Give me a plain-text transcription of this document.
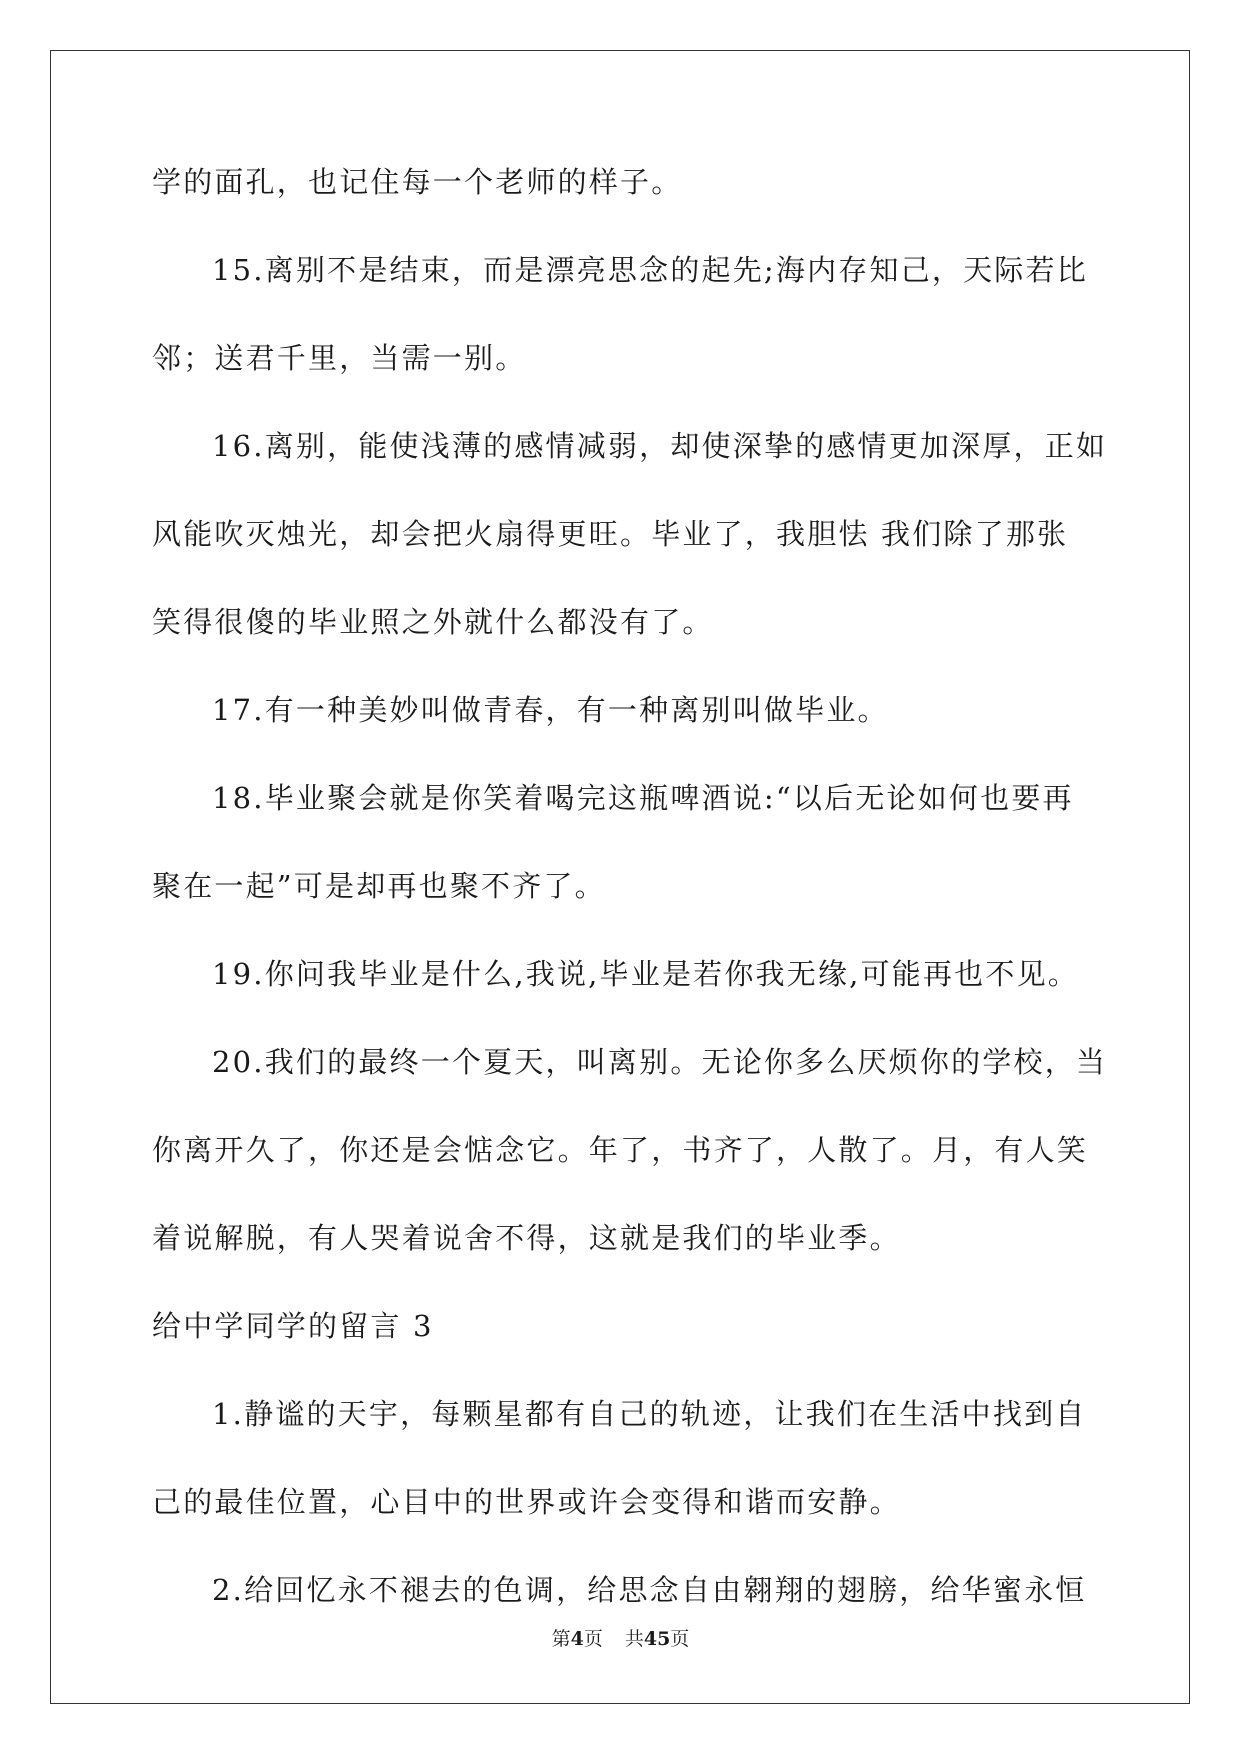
学的面孔，也记住每一个老师的样子。
15.离别不是结束，而是漂亮思念的起先;海内存知己，天际若比
邻；送君千里，当需一别。
16.离别，能使浅薄的感情减弱，却使深挚的感情更加深厚，正如
风能吹灭烛光，却会把火扇得更旺。毕业了，我胆怯 我们除了那张
笑得很傻的毕业照之外就什么都没有了。
17.有一种美妙叫做青春，有一种离别叫做毕业。
18.毕业聚会就是你笑着喝完这瓶啤酒说:“以后无论如何也要再
聚在一起”可是却再也聚不齐了。
19.你问我毕业是什么,我说,毕业是若你我无缘,可能再也不见。
20.我们的最终一个夏天，叫离别。无论你多么厌烦你的学校，当
你离开久了，你还是会惦念它。年了，书齐了，人散了。月，有人笑
着说解脱，有人哭着说舍不得，这就是我们的毕业季。
给中学同学的留言 3
1.静谧的天宇，每颗星都有自己的轨迹，让我们在生活中找到自
己的最佳位置，心目中的世界或许会变得和谐而安静。
2.给回忆永不褪去的色调，给思念自由翱翔的翅膀，给华蜜永恒
第4页 共45页
